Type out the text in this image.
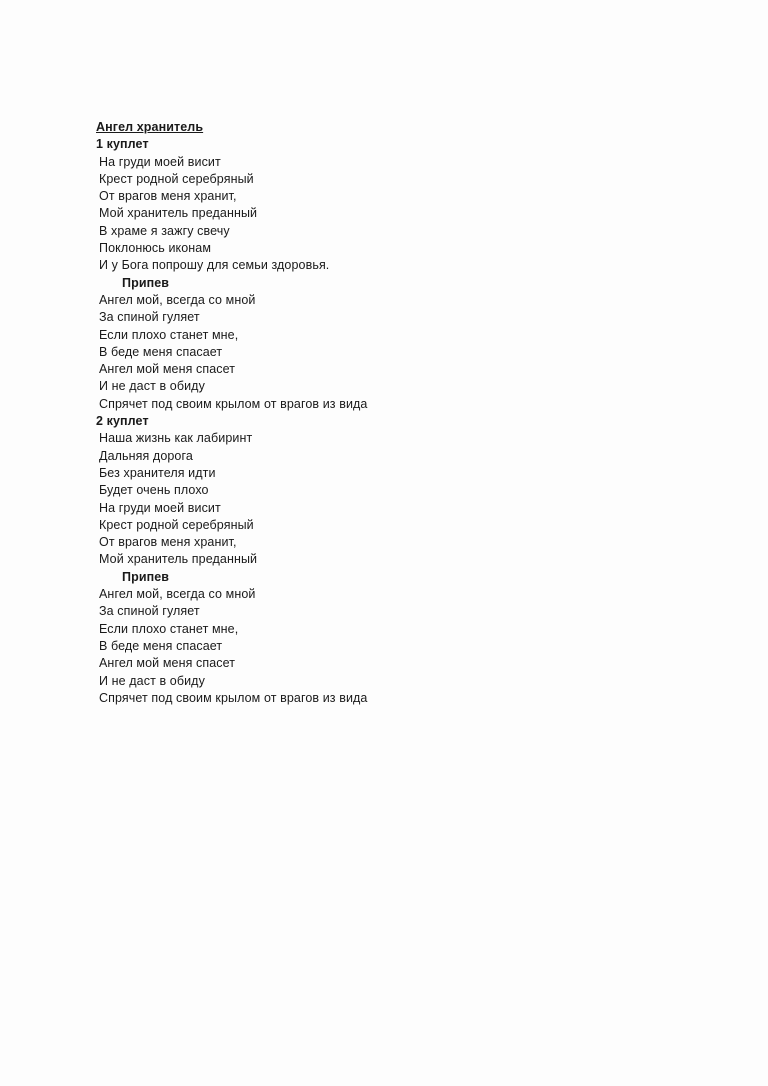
Ангел хранитель
1 куплет
На груди моей висит
Крест родной серебряный
От врагов меня хранит,
Мой хранитель преданный
В храме я зажгу свечу
Поклонюсь иконам
И у Бога попрошу для семьи здоровья.
Припев
Ангел мой, всегда со мной
За спиной гуляет
Если плохо станет мне,
В беде меня спасает
Ангел мой меня спасет
И не даст в обиду
Спрячет под своим крылом от врагов из вида
2 куплет
Наша жизнь как лабиринт
Дальняя дорога
Без хранителя идти
Будет очень плохо
На груди моей висит
Крест родной серебряный
От врагов меня хранит,
Мой хранитель преданный
Припев
Ангел мой, всегда со мной
За спиной гуляет
Если плохо станет мне,
В беде меня спасает
Ангел мой меня спасет
И не даст в обиду
Спрячет под своим крылом от врагов из вида
